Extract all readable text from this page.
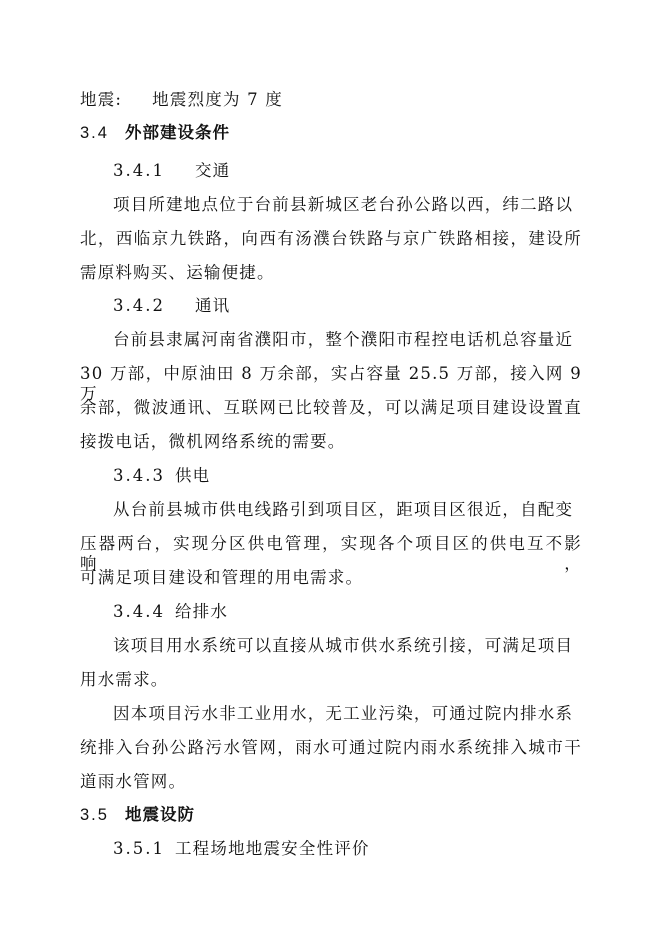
地震: 地震烈度为 7 度
3.4 外部建设条件
3.4.1 交通
项目所建地点位于台前县新城区老台孙公路以西，纬二路以
北，西临京九铁路，向西有汤濮台铁路与京广铁路相接，建设所
需原料购买、运输便捷。
3.4.2 通讯
台前县隶属河南省濮阳市，整个濮阳市程控电话机总容量近
30 万部，中原油田 8 万余部，实占容量 25.5 万部，接入网 9 万
余部，微波通讯、互联网已比较普及，可以满足项目建设设置直
接拨电话，微机网络系统的需要。
3.4.3 供电
从台前县城市供电线路引到项目区，距项目区很近，自配变
压器两台，实现分区供电管理，实现各个项目区的供电互不影响，
可满足项目建设和管理的用电需求。
3.4.4 给排水
该项目用水系统可以直接从城市供水系统引接，可满足项目
用水需求。
因本项目污水非工业用水，无工业污染，可通过院内排水系
统排入台孙公路污水管网，雨水可通过院内雨水系统排入城市干
道雨水管网。
3.5 地震设防
3.5.1 工程场地地震安全性评价
